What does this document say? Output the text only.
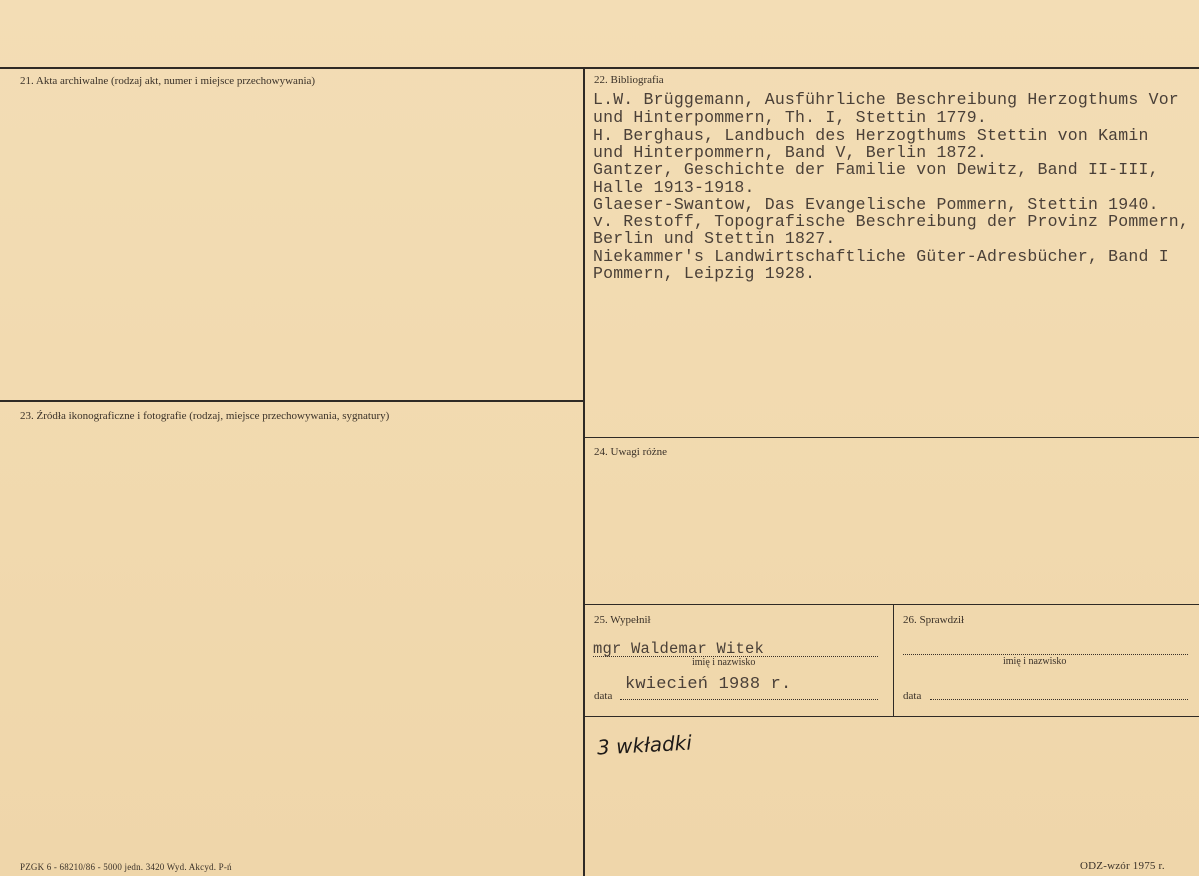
21. Akta archiwalne (rodzaj akt, numer i miejsce przechowywania)	22. Bibliografia
L.W. Brüggemann, Ausführliche Beschreibung Herzogthums Vor
und Hinterpommern, Th. I, Stettin 1779.
H. Berghaus, Landbuch des Herzogthums Stettin von Kamin
und Hinterpommern, Band V, Berlin 1872.
Gantzer, Geschichte der Familie von Dewitz, Band II-III,
Halle 1913-1918.
Glaeser-Swantow, Das Evangelische Pommern, Stettin 1940.
v. Restoff, Topografische Beschreibung der Provinz Pommern,
Berlin und Stettin 1827.
Niekammer's Landwirtschaftliche Güter-Adresbücher, Band I
Pommern, Leipzig 1928.
23. Źródła ikonograficzne i fotografie (rodzaj, miejsce przechowywania, sygnatury)
24. Uwagi różne
25. Wypełnił
mgr Waldemar Witek
imię i nazwisko
kwiecień 1988 r.
data
26. Sprawdził
imię i nazwisko
data
3 wkładki
PZGK 6 - 68210/86 - 5000 jedn. 3420 Wyd. Akcyd. P-ń	ODZ-wzór 1975 r.
